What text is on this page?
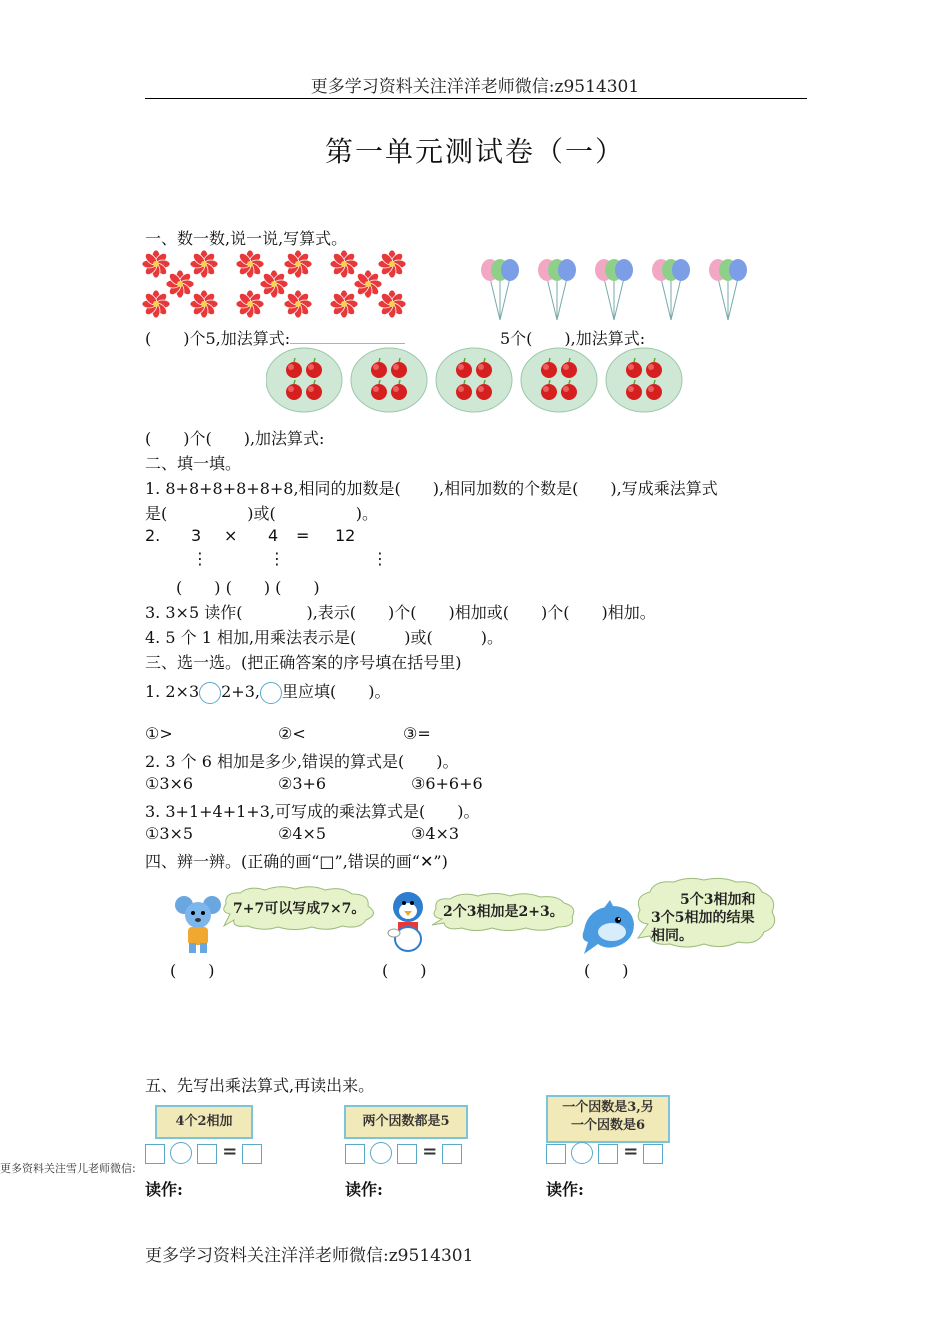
更多学习资料关注洋洋老师微信:z9514301
第一单元测试卷（一）
一、数一数,说一说,写算式。
(　　)个5,加法算式:	5个(　　),加法算式:
(　　)个(　　),加法算式:
二、填一填。
1. 8+8+8+8+8+8,相同的加数是(　　),相同加数的个数是(　　),写成乘法算式
是(　　　　　)或(　　　　　)。
2. 3 × 4 = 12
⋮	⋮	⋮
(　　) (　　) (　　)
3. 3×5 读作(　　　　),表示(　　)个(　　)相加或(　　)个(　　)相加。
4. 5 个 1 相加,用乘法表示是(　　　)或(　　　)。
三、选一选。(把正确答案的序号填在括号里)
1. 2×3 2+3, 里应填(　　)。
①>	②<	③=
2. 3 个 6 相加是多少,错误的算式是(　　)。
①3×6	②3+6	③6+6+6
3. 3+1+4+1+3,可写成的乘法算式是(　　)。
①3×5	②4×5	③4×3
四、辨一辨。(正确的画“□”,错误的画“✕”)
7+7可以写成7×7。	2个3相加是2+3。
5个3相加和
3个5相加的结果
相同。
(　　)	(　　)	(　　)
五、先写出乘法算式,再读出来。
4个2相加	两个因数都是5
一个因数是3,另
一个因数是6
=	=	=
更多资料关注雪儿老师微信:
读作:	读作:	读作:
更多学习资料关注洋洋老师微信:z9514301
